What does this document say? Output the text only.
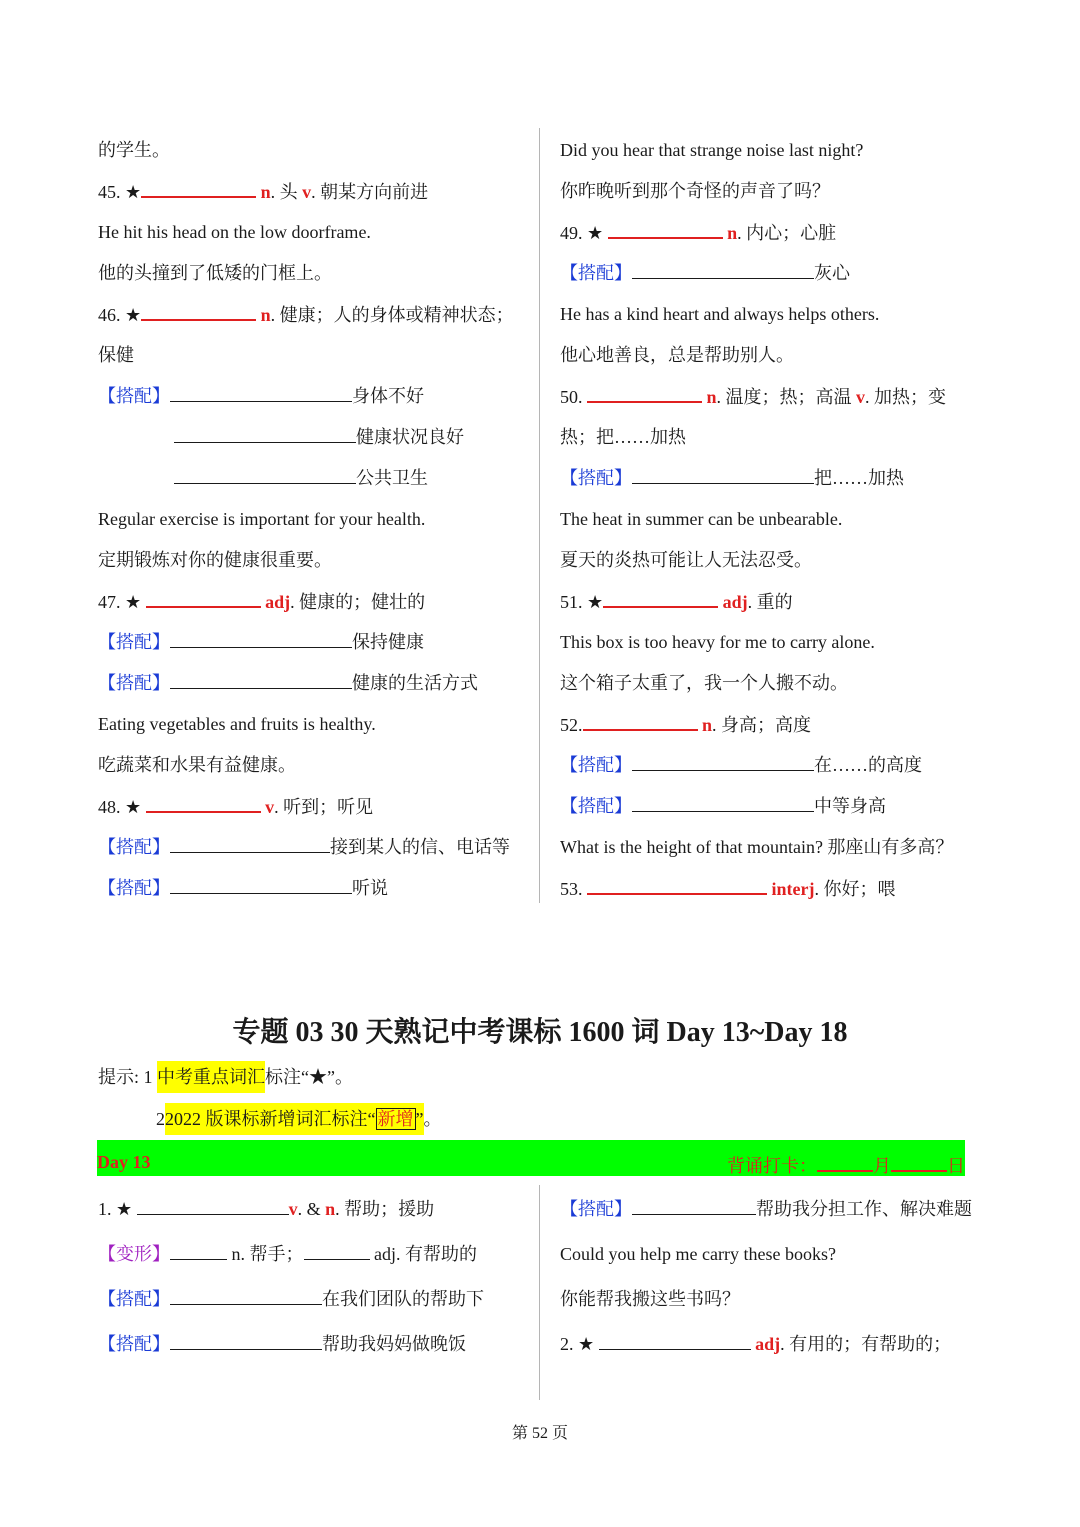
的学生。
45. ★	n. 头 v. 朝某方向前进
He hit his head on the low doorframe.
他的头撞到了低矮的门框上。
46. ★	n. 健康；人的身体或精神状态；
保健
【搭配】	身体不好
健康状况良好
公共卫生
Regular exercise is important for your health.
定期锻炼对你的健康很重要。
47. ★	adj. 健康的；健壮的
【搭配】	保持健康
【搭配】	健康的生活方式
Eating vegetables and fruits is healthy.
吃蔬菜和水果有益健康。
48. ★	v. 听到；听见
【搭配】	接到某人的信、电话等
【搭配】	听说
Did you hear that strange noise last night?
你昨晚听到那个奇怪的声音了吗？
49. ★	n. 内心；心脏
【搭配】	灰心
He has a kind heart and always helps others.
他心地善良，总是帮助别人。
50.	n. 温度；热；高温 v. 加热；变
热；把……加热
【搭配】	把……加热
The heat in summer can be unbearable.
夏天的炎热可能让人无法忍受。
51. ★	adj. 重的
This box is too heavy for me to carry alone.
这个箱子太重了，我一个人搬不动。
52.	n. 身高；高度
【搭配】	在……的高度
【搭配】	中等身高
What is the height of that mountain? 那座山有多高？
53.	interj. 你好；喂
专题 03 30 天熟记中考课标 1600 词 Day 13~Day 18
提示: 1 中考重点词汇标注“★”。
22022 版课标新增词汇标注“ 新增 ”。
Day 13	背诵打卡：	月	日
1. ★	v. & n. 帮助；援助
【变形】	n. 帮手；	adj. 有帮助的
【搭配】	在我们团队的帮助下
【搭配】	帮助我妈妈做晚饭
【搭配】	帮助我分担工作、解决难题
Could you help me carry these books?
你能帮我搬这些书吗？
2. ★	adj. 有用的；有帮助的；
第 52 页
